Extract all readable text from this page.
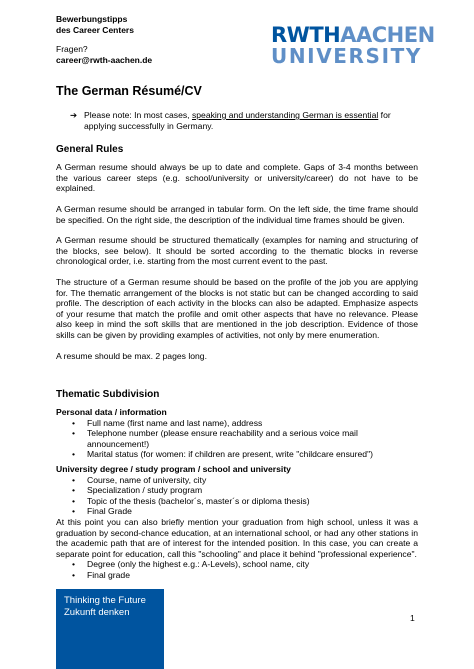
Bewerbungstipps
des Career Centers
Fragen?
career@rwth-aachen.de
RWTH AACHEN
UNIVERSITY
The German Résumé/CV
➔ Please note: In most cases, speaking and understanding German is essential for applying successfully in Germany.
General Rules

A German resume should always be up to date and complete. Gaps of 3-4 months between the various career steps (e.g. school/university or university/career) do not have to be explained.

A German resume should be arranged in tabular form. On the left side, the time frame should be specified. On the right side, the description of the individual time frames should be given.

A German resume should be structured thematically (examples for naming and structuring of the blocks, see below). It should be sorted according to the thematic blocks in reverse chronological order, i.e. starting from the most current event to the past.

The structure of a German resume should be based on the profile of the job you are applying for. The thematic arrangement of the blocks is not static but can be changed according to said profile. The description of each activity in the blocks can also be adapted. Emphasize aspects of your resume that match the profile and omit other aspects that have no relevance. Please also keep in mind the soft skills that are mentioned in the job description. Evidence of those skills can be given by providing examples of activities, not only by mere enumeration.

A resume should be max. 2 pages long.

Thematic Subdivision
Personal data / information
•	Full name (first name and last name), address
•	Telephone number (please ensure reachability and a serious voice mail announcement!)
•	Marital status (for women: if children are present, write "childcare ensured")
University degree / study program / school and university
•	Course, name of university, city
•	Specialization / study program
•	Topic of the thesis (bachelor´s, master´s or diploma thesis)
•	Final Grade

At this point you can also briefly mention your graduation from high school, unless it was a graduation by second-chance education, at an international school, or had any other stations in the academic path that are of interest for the intended position. In this case, you can create a separate point for education, call this "schooling" and place it behind "professional experience".

•	Degree (only the highest e.g.: A-Levels), school name, city
•	Final grade
Thinking the Future
Zukunft denken	1
